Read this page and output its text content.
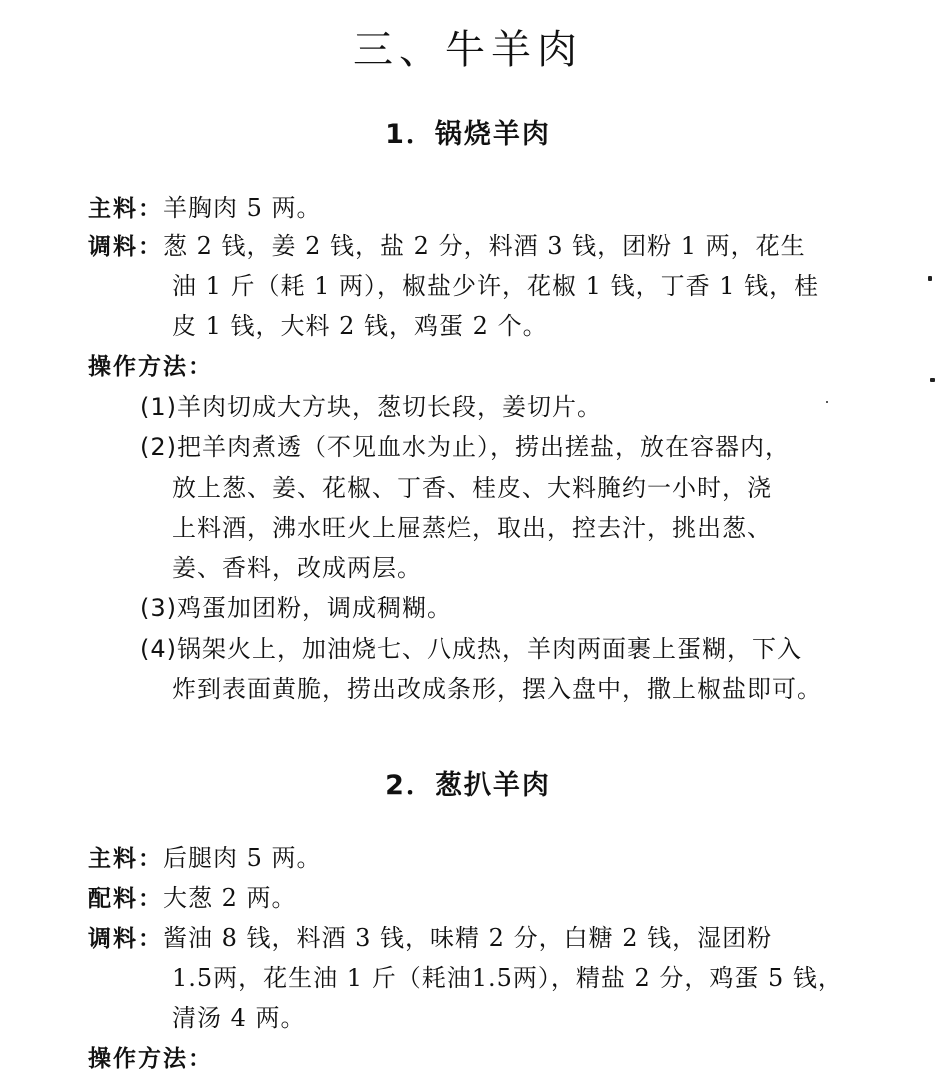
三、牛羊肉
1．锅烧羊肉
主料：羊胸肉 5 两。
调料：葱 2 钱，姜 2 钱，盐 2 分，料酒 3 钱，团粉 1 两，花生
油 1 斤（耗 1 两），椒盐少许，花椒 1 钱，丁香 1 钱，桂
皮 1 钱，大料 2 钱，鸡蛋 2 个。
操作方法：
(1)羊肉切成大方块，葱切长段，姜切片。
(2)把羊肉煮透（不见血水为止），捞出搓盐，放在容器内，
放上葱、姜、花椒、丁香、桂皮、大料腌约一小时，浇
上料酒，沸水旺火上屉蒸烂，取出，控去汁，挑出葱、
姜、香料，改成两层。
(3)鸡蛋加团粉，调成稠糊。
(4)锅架火上，加油烧七、八成热，羊肉两面裹上蛋糊，下入
炸到表面黄脆，捞出改成条形，摆入盘中，撒上椒盐即可。
2．葱扒羊肉
主料：后腿肉 5 两。
配料：大葱 2 两。
调料：酱油 8 钱，料酒 3 钱，味精 2 分，白糖 2 钱，湿团粉
1.5两，花生油 1 斤（耗油1.5两），精盐 2 分，鸡蛋 5 钱，
清汤 4 两。
操作方法：
